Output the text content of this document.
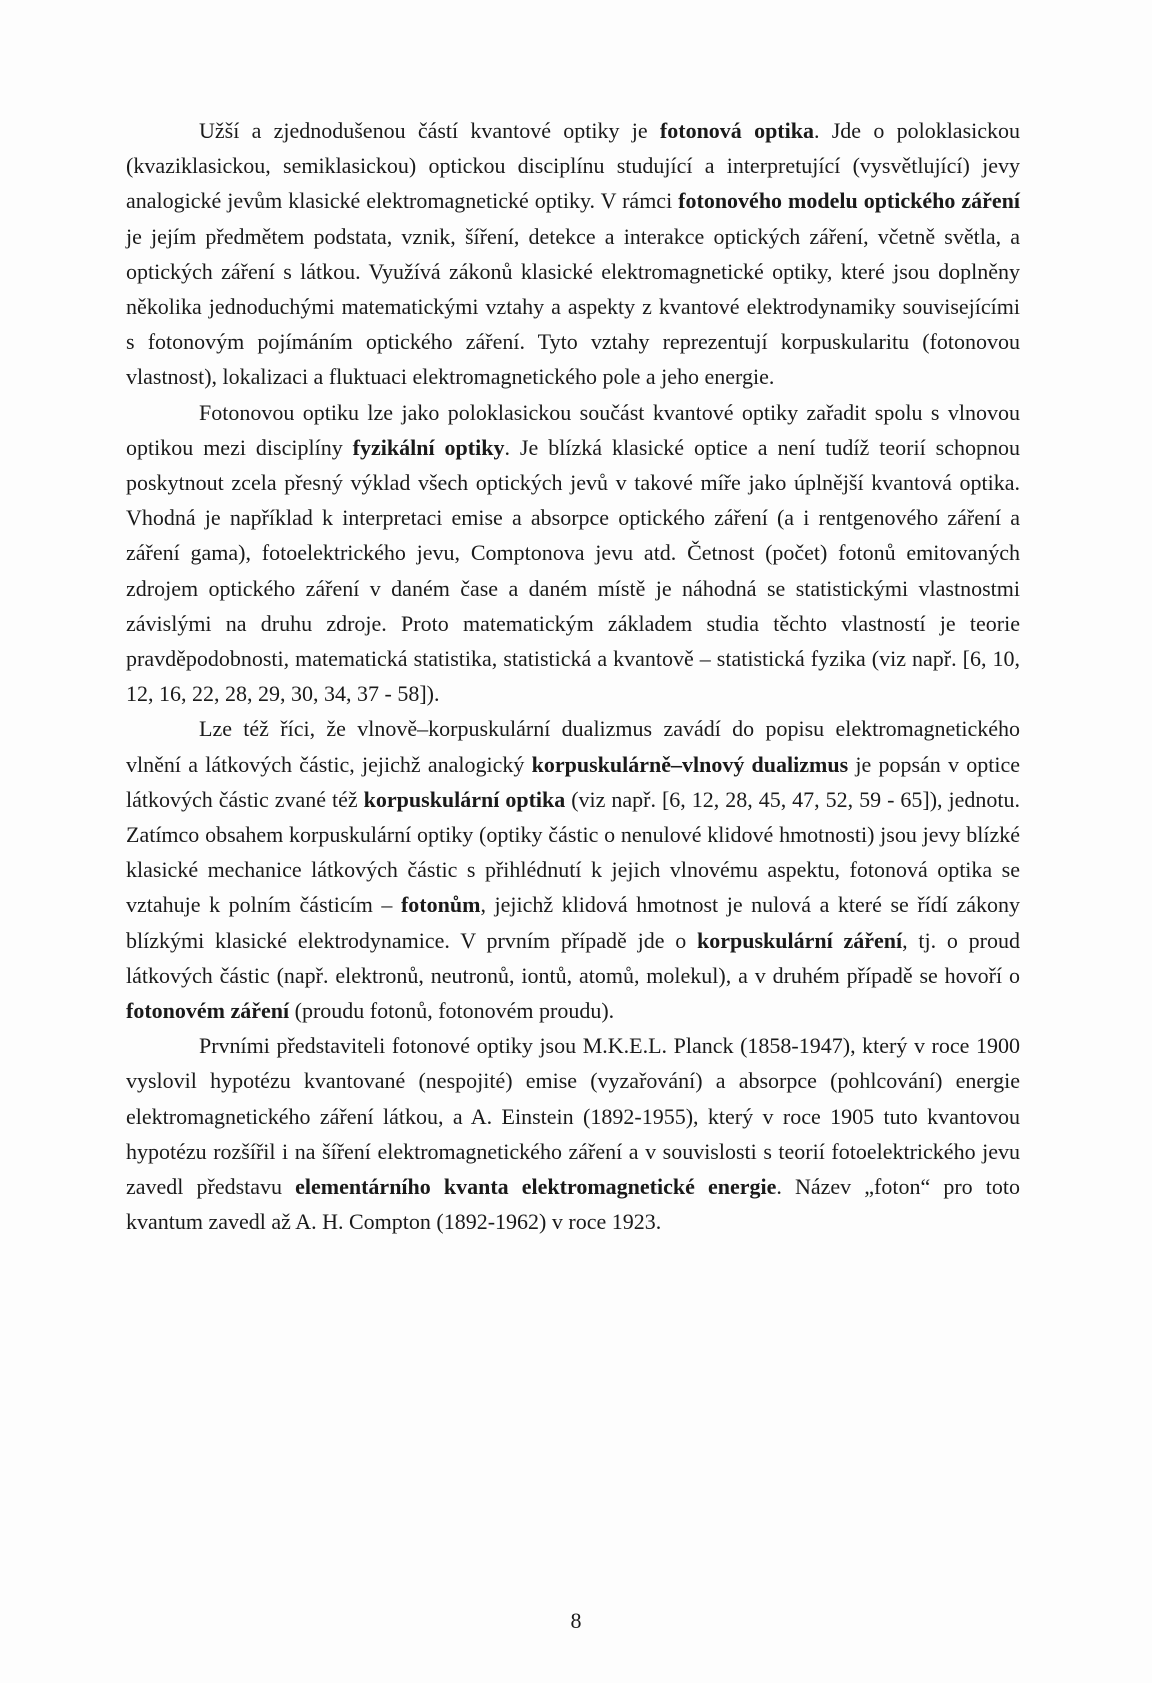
Užší a zjednodušenou částí kvantové optiky je fotonová optika. Jde o poloklasickou (kvaziklasickou, semiklasickou) optickou disciplínu studující a interpretující (vysvětlující) jevy analogické jevům klasické elektromagnetické optiky. V rámci fotonového modelu optického záření je jejím předmětem podstata, vznik, šíření, detekce a interakce optických záření, včetně světla, a optických záření s látkou. Využívá zákonů klasické elektromagnetické optiky, které jsou doplněny několika jednoduchými matematickými vztahy a aspekty z kvantové elektrodynamiky souvisejícími s fotonovým pojímáním optického záření. Tyto vztahy reprezentují korpuskularitu (fotonovou vlastnost), lokalizaci a fluktuaci elektromagnetického pole a jeho energie.

Fotonovou optiku lze jako poloklasickou součást kvantové optiky zařadit spolu s vlnovou optikou mezi disciplíny fyzikální optiky. Je blízká klasické optice a není tudíž teorií schopnou poskytnout zcela přesný výklad všech optických jevů v takové míře jako úplnější kvantová optika. Vhodná je například k interpretaci emise a absorpce optického záření (a i rentgenového záření a záření gama), fotoelektrického jevu, Comptonova jevu atd. Četnost (počet) fotonů emitovaných zdrojem optického záření v daném čase a daném místě je náhodná se statistickými vlastnostmi závislými na druhu zdroje. Proto matematickým základem studia těchto vlastností je teorie pravděpodobnosti, matematická statistika, statistická a kvantově – statistická fyzika (viz např. [6, 10, 12, 16, 22, 28, 29, 30, 34, 37 - 58]).

Lze též říci, že vlnově–korpuskulární dualizmus zavádí do popisu elektromagnetického vlnění a látkových částic, jejichž analogický korpuskulárně–vlnový dualizmus je popsán v optice látkových částic zvané též korpuskulární optika (viz např. [6, 12, 28, 45, 47, 52, 59 - 65]), jednotu. Zatímco obsahem korpuskulární optiky (optiky částic o nenulové klidové hmotnosti) jsou jevy blízké klasické mechanice látkových částic s přihlédnutí k jejich vlnovému aspektu, fotonová optika se vztahuje k polním částicím – fotonům, jejichž klidová hmotnost je nulová a které se řídí zákony blízkými klasické elektrodynamice. V prvním případě jde o korpuskulární záření, tj. o proud látkových částic (např. elektronů, neutronů, iontů, atomů, molekul), a v druhém případě se hovoří o fotonovém záření (proudu fotonů, fotonovém proudu).

Prvními představiteli fotonové optiky jsou M.K.E.L. Planck (1858-1947), který v roce 1900 vyslovil hypotézu kvantované (nespojité) emise (vyzařování) a absorpce (pohlcování) energie elektromagnetického záření látkou, a A. Einstein (1892-1955), který v roce 1905 tuto kvantovou hypotézu rozšířil i na šíření elektromagnetického záření a v souvislosti s teorií fotoelektrického jevu zavedl představu elementárního kvanta elektromagnetické energie. Název „foton“ pro toto kvantum zavedl až A. H. Compton (1892-1962) v roce 1923.

8
